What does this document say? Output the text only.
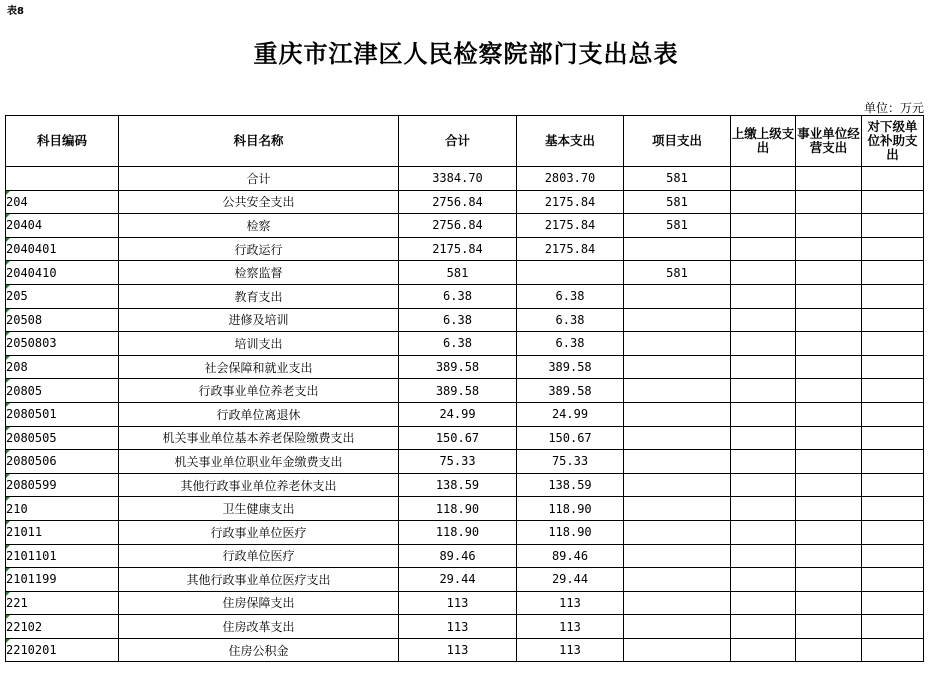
表8
重庆市江津区人民检察院部门支出总表
单位：万元
科目编码	科目名称	合计	基本支出	项目支出	上缴上级支出	事业单位经营支出	对下级单位补助支出
	合计	3384.70	2803.70	581			
204	公共安全支出	2756.84	2175.84	581			
20404	检察	2756.84	2175.84	581			
2040401	行政运行	2175.84	2175.84				
2040410	检察监督	581		581			
205	教育支出	6.38	6.38				
20508	进修及培训	6.38	6.38				
2050803	培训支出	6.38	6.38				
208	社会保障和就业支出	389.58	389.58				
20805	行政事业单位养老支出	389.58	389.58				
2080501	行政单位离退休	24.99	24.99				
2080505	机关事业单位基本养老保险缴费支出	150.67	150.67				
2080506	机关事业单位职业年金缴费支出	75.33	75.33				
2080599	其他行政事业单位养老休支出	138.59	138.59				
210	卫生健康支出	118.90	118.90				
21011	行政事业单位医疗	118.90	118.90				
2101101	行政单位医疗	89.46	89.46				
2101199	其他行政事业单位医疗支出	29.44	29.44				
221	住房保障支出	113	113				
22102	住房改革支出	113	113				
2210201	住房公积金	113	113				
